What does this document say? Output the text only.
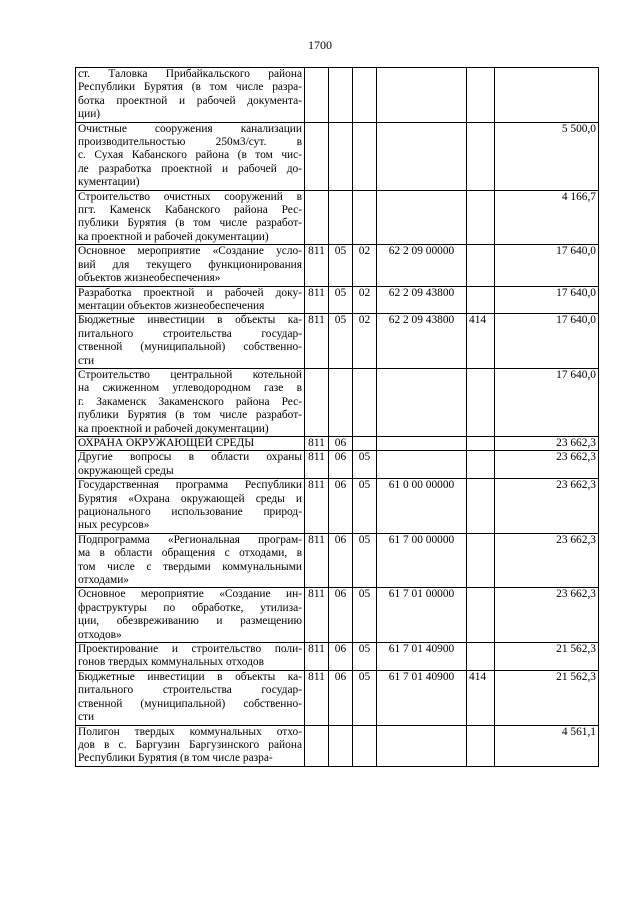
1700
ст. Таловка Прибайкальского района
Республики Бурятия (в том числе разра-
ботка проектной и рабочей документа-
ции)						

Очистные сооружения канализации
производительностью 250м3/сут. в
с. Сухая Кабанского района (в том чис-
ле разработка проектной и рабочей до-
кументации)						5 500,0

Строительство очистных сооружений в
пгт. Каменск Кабанского района Рес-
публики Бурятия (в том числе разработ-
ка проектной и рабочей документации)						4 166,7

Основное мероприятие «Создание усло-
вий для текущего функционирования
объектов жизнеобеспечения»	811	05	02	62 2 09 00000		17 640,0

Разработка проектной и рабочей доку-
ментации объектов жизнеобеспечения	811	05	02	62 2 09 43800		17 640,0

Бюджетные инвестиции в объекты ка-
питального строительства государ-
ственной (муниципальной) собственно-
сти	811	05	02	62 2 09 43800	414	17 640,0

Строительство центральной котельной
на сжиженном углеводородном газе в
г. Закаменск Закаменского района Рес-
публики Бурятия (в том числе разработ-
ка проектной и рабочей документации)						17 640,0

ОХРАНА ОКРУЖАЮЩЕЙ СРЕДЫ	811	06				23 662,3

Другие вопросы в области охраны
окружающей среды	811	06	05			23 662,3

Государственная программа Республики
Бурятия «Охрана окружающей среды и
рационального использование природ-
ных ресурсов»	811	06	05	61 0 00 00000		23 662,3

Подпрограмма «Региональная програм-
ма в области обращения с отходами, в
том числе с твердыми коммунальными
отходами»	811	06	05	61 7 00 00000		23 662,3

Основное мероприятие «Создание ин-
фраструктуры по обработке, утилиза-
ции, обезвреживанию и размещению
отходов»	811	06	05	61 7 01 00000		23 662,3

Проектирование и строительство поли-
гонов твердых коммунальных отходов	811	06	05	61 7 01 40900		21 562,3

Бюджетные инвестиции в объекты ка-
питального строительства государ-
ственной (муниципальной) собственно-
сти	811	06	05	61 7 01 40900	414	21 562,3

Полигон твердых коммунальных отхо-
дов в с. Баргузин Баргузинского района
Республики Бурятия (в том числе разра-						4 561,1
